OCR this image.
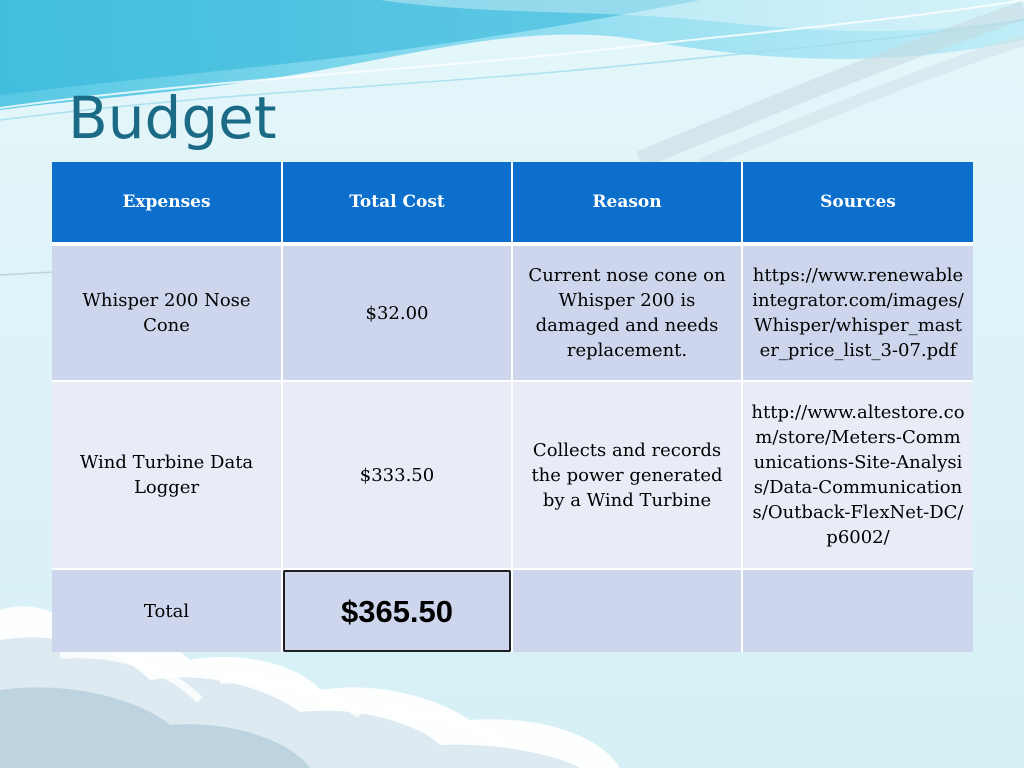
Budget
Expenses	Total Cost	Reason	Sources
Whisper 200 Nose Cone	$32.00	Current nose cone on Whisper 200 is damaged and needs replacement.	https://www.renewableintegrator.com/images/Whisper/whisper_master_price_list_3-07.pdf
Wind Turbine Data Logger	$333.50	Collects and records the power generated by a Wind Turbine	http://www.altestore.com/store/Meters-Communications-Site-Analysis/Data-Communications/Outback-FlexNet-DC/p6002/
Total	$365.50		
